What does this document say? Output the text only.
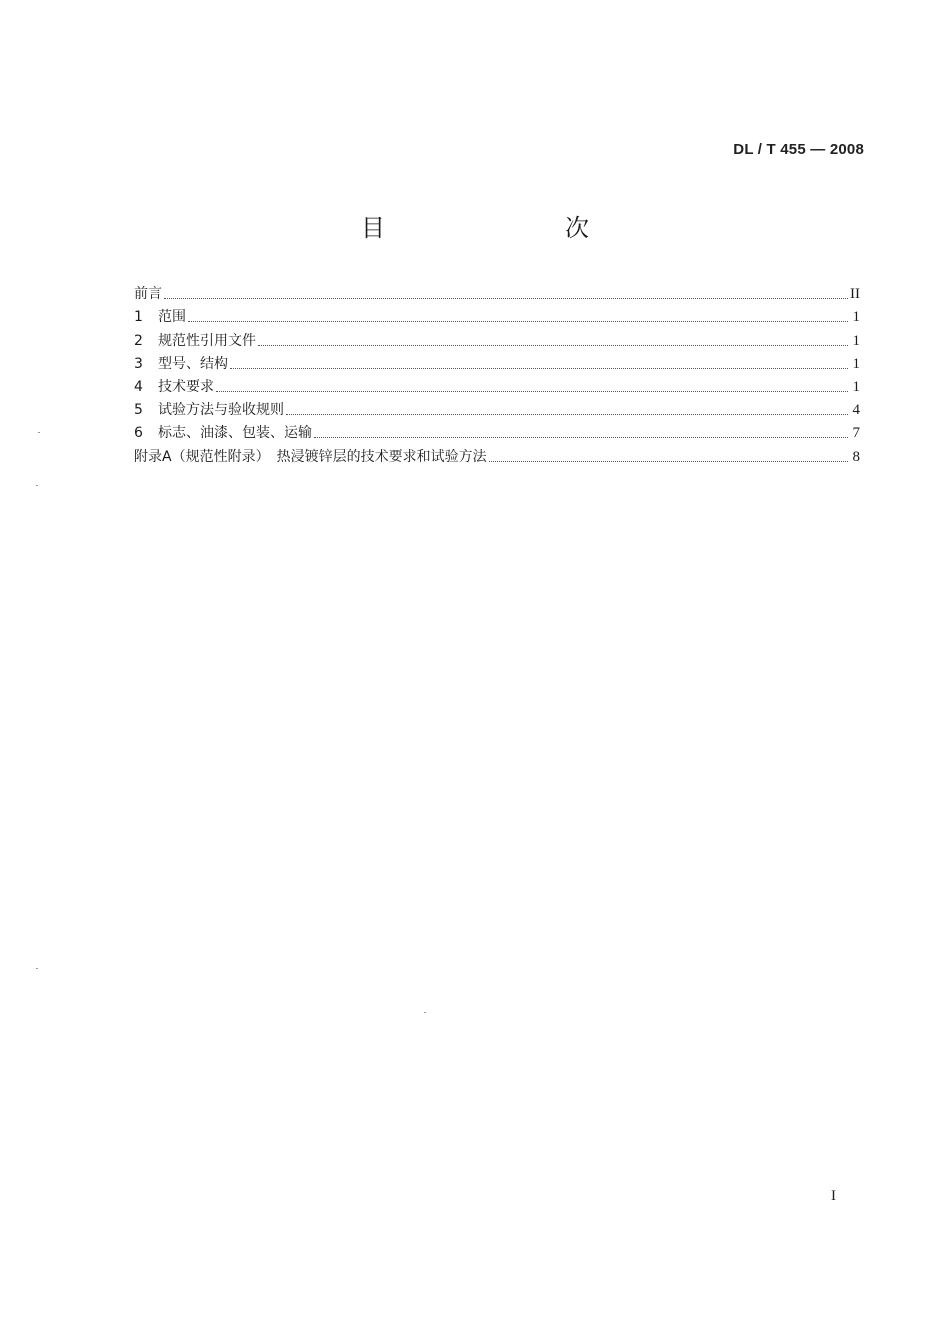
DL / T 455 — 2008
目　　次
前言	II
1	范围	1
2	规范性引用文件	1
3	型号、结构	1
4	技术要求	1
5	试验方法与验收规则	4
6	标志、油漆、包装、运输	7
附录A（规范性附录）　热浸镀锌层的技术要求和试验方法	8
I
